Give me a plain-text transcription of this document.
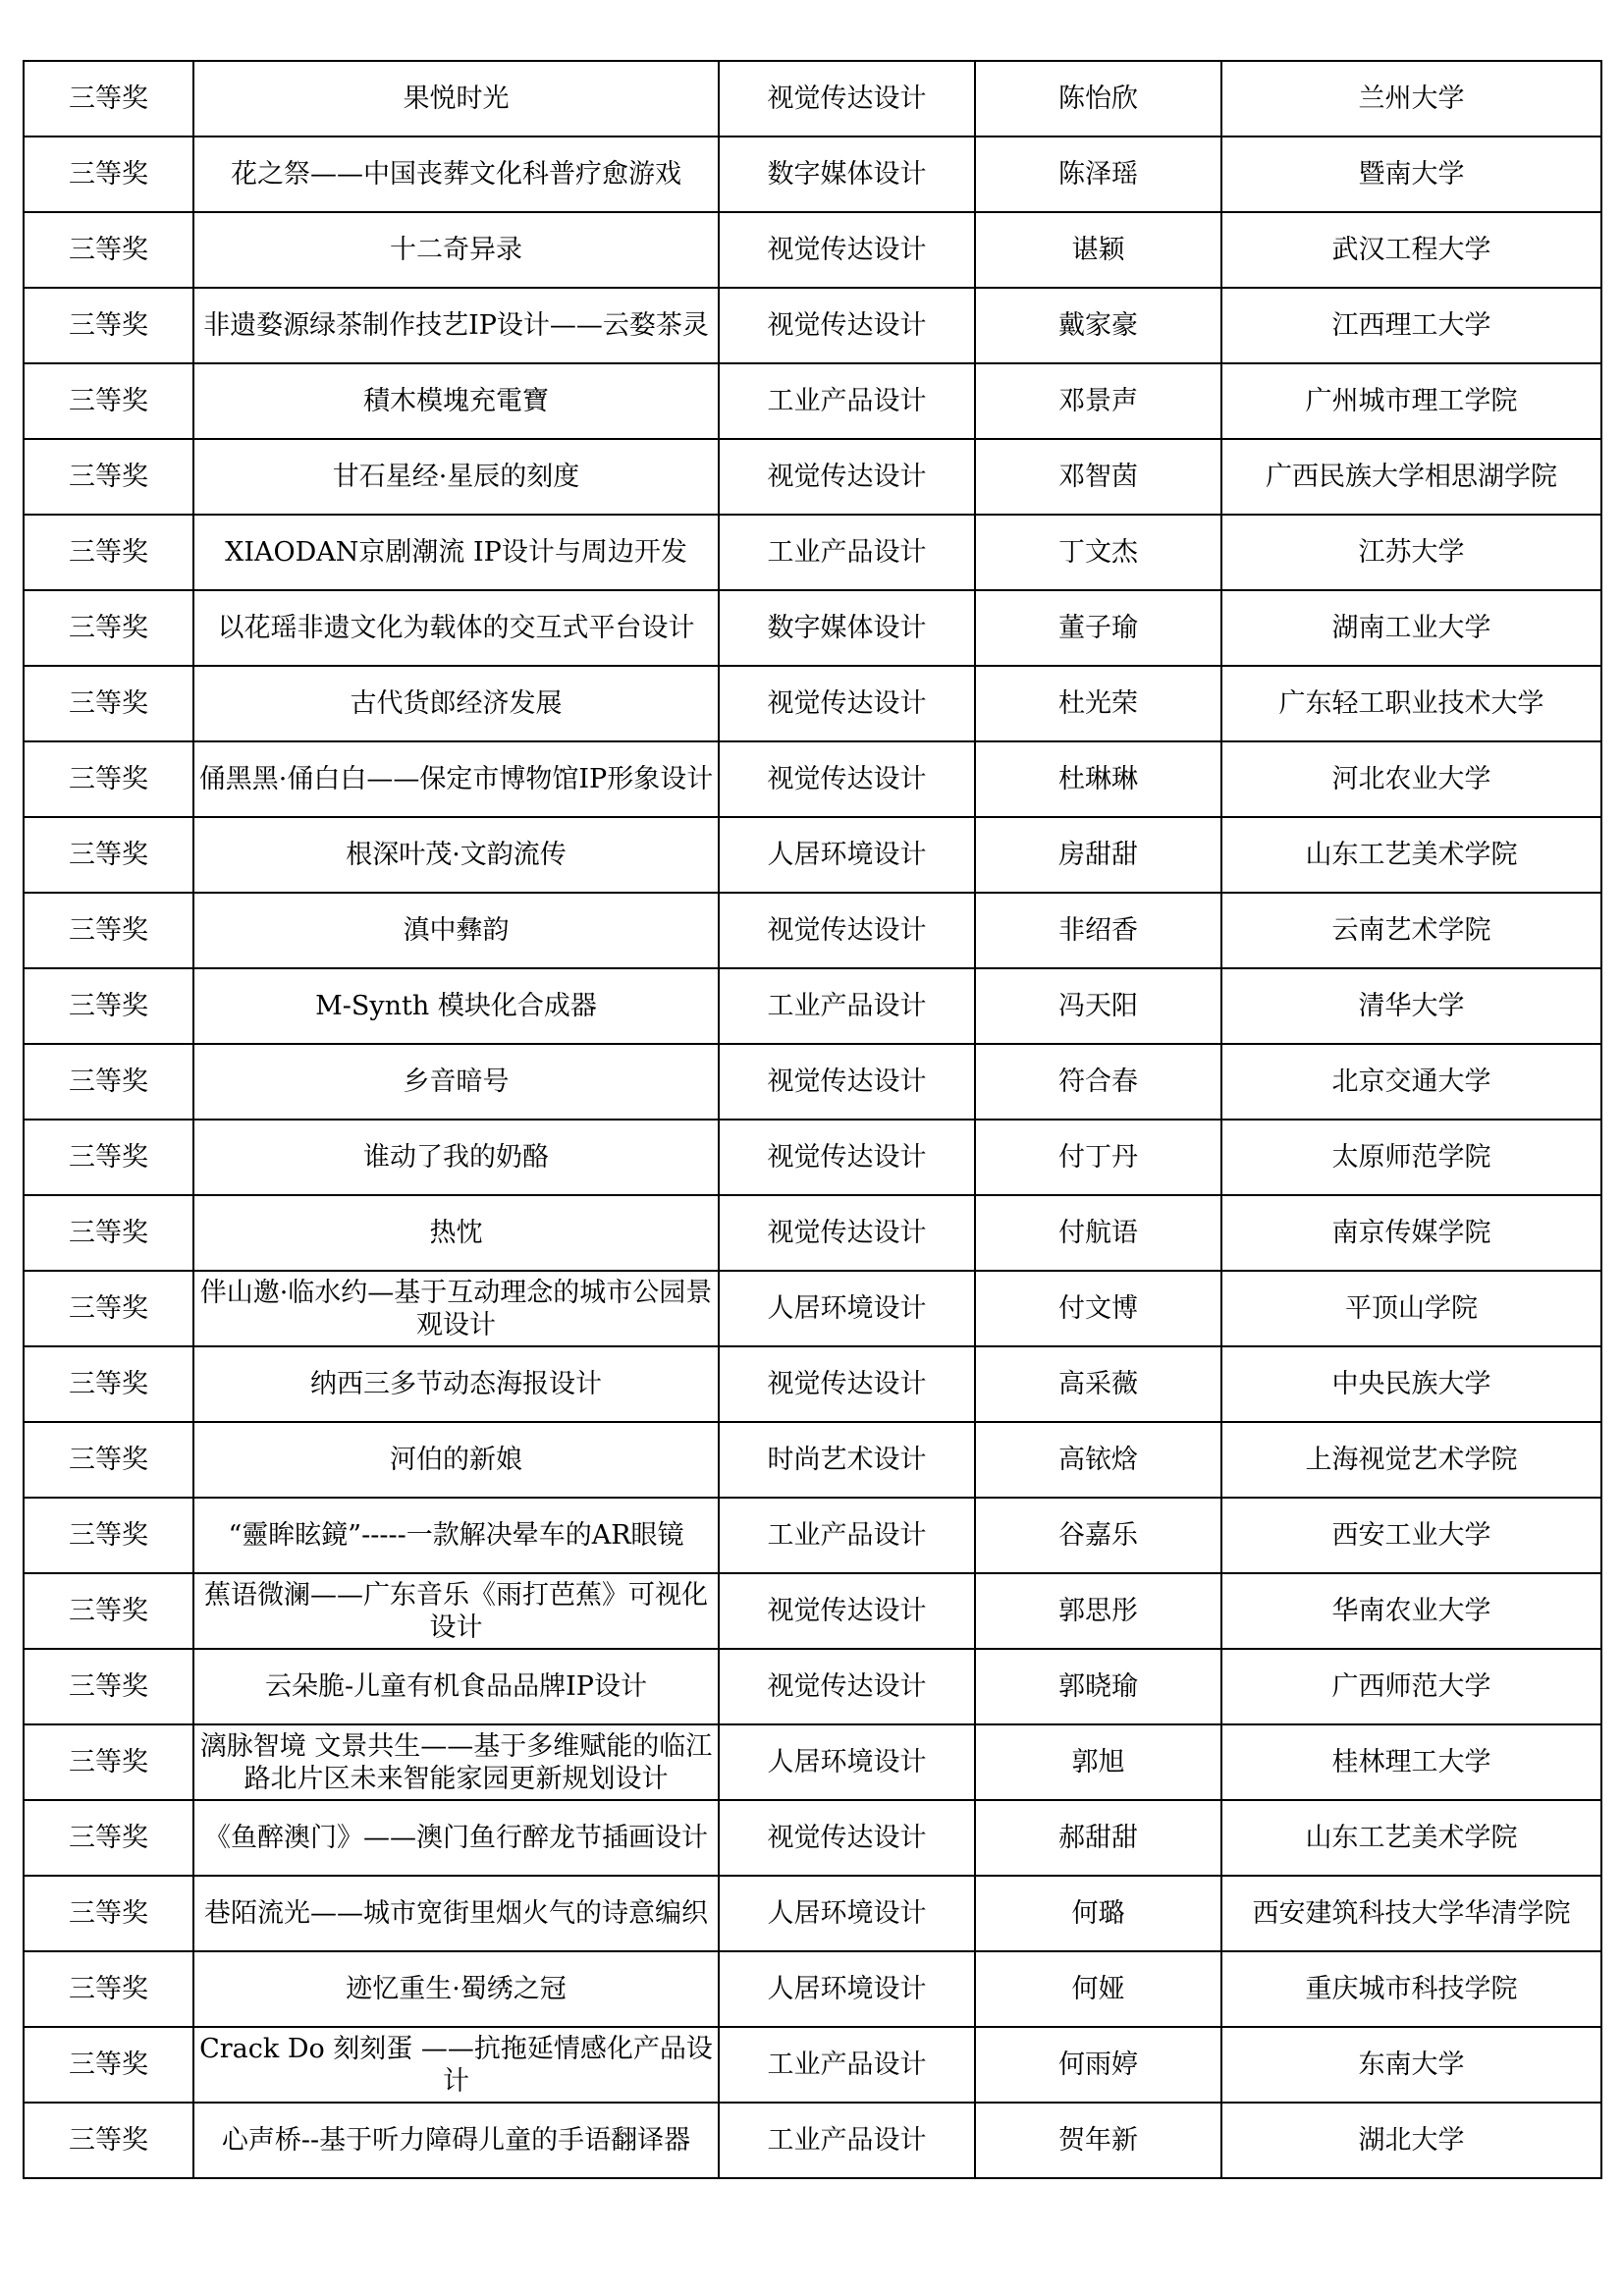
三等奖	果悦时光	视觉传达设计	陈怡欣	兰州大学
三等奖	花之祭——中国丧葬文化科普疗愈游戏	数字媒体设计	陈泽瑶	暨南大学
三等奖	十二奇异录	视觉传达设计	谌颖	武汉工程大学
三等奖	非遗婺源绿茶制作技艺IP设计——云婺茶灵	视觉传达设计	戴家豪	江西理工大学
三等奖	積木模塊充電寶	工业产品设计	邓景声	广州城市理工学院
三等奖	甘石星经·星辰的刻度	视觉传达设计	邓智茵	广西民族大学相思湖学院
三等奖	XIAODAN京剧潮流 IP设计与周边开发	工业产品设计	丁文杰	江苏大学
三等奖	以花瑶非遗文化为载体的交互式平台设计	数字媒体设计	董子瑜	湖南工业大学
三等奖	古代货郎经济发展	视觉传达设计	杜光荣	广东轻工职业技术大学
三等奖	俑黑黑·俑白白——保定市博物馆IP形象设计	视觉传达设计	杜琳琳	河北农业大学
三等奖	根深叶茂·文韵流传	人居环境设计	房甜甜	山东工艺美术学院
三等奖	滇中彝韵	视觉传达设计	非绍香	云南艺术学院
三等奖	M-Synth 模块化合成器	工业产品设计	冯天阳	清华大学
三等奖	乡音暗号	视觉传达设计	符合春	北京交通大学
三等奖	谁动了我的奶酪	视觉传达设计	付丁丹	太原师范学院
三等奖	热忱	视觉传达设计	付航语	南京传媒学院
三等奖	伴山邀·临水约—基于互动理念的城市公园景观设计	人居环境设计	付文博	平顶山学院
三等奖	纳西三多节动态海报设计	视觉传达设计	高采薇	中央民族大学
三等奖	河伯的新娘	时尚艺术设计	高铱焓	上海视觉艺术学院
三等奖	“靈眸眩鏡”-----一款解决晕车的AR眼镜	工业产品设计	谷嘉乐	西安工业大学
三等奖	蕉语微澜——广东音乐《雨打芭蕉》可视化设计	视觉传达设计	郭思彤	华南农业大学
三等奖	云朵脆-儿童有机食品品牌IP设计	视觉传达设计	郭晓瑜	广西师范大学
三等奖	漓脉智境 文景共生——基于多维赋能的临江路北片区未来智能家园更新规划设计	人居环境设计	郭旭	桂林理工大学
三等奖	《鱼醉澳门》——澳门鱼行醉龙节插画设计	视觉传达设计	郝甜甜	山东工艺美术学院
三等奖	巷陌流光——城市宽街里烟火气的诗意编织	人居环境设计	何璐	西安建筑科技大学华清学院
三等奖	迹忆重生·蜀绣之冠	人居环境设计	何娅	重庆城市科技学院
三等奖	Crack Do 刻刻蛋 ——抗拖延情感化产品设计	工业产品设计	何雨婷	东南大学
三等奖	心声桥--基于听力障碍儿童的手语翻译器	工业产品设计	贺年新	湖北大学
